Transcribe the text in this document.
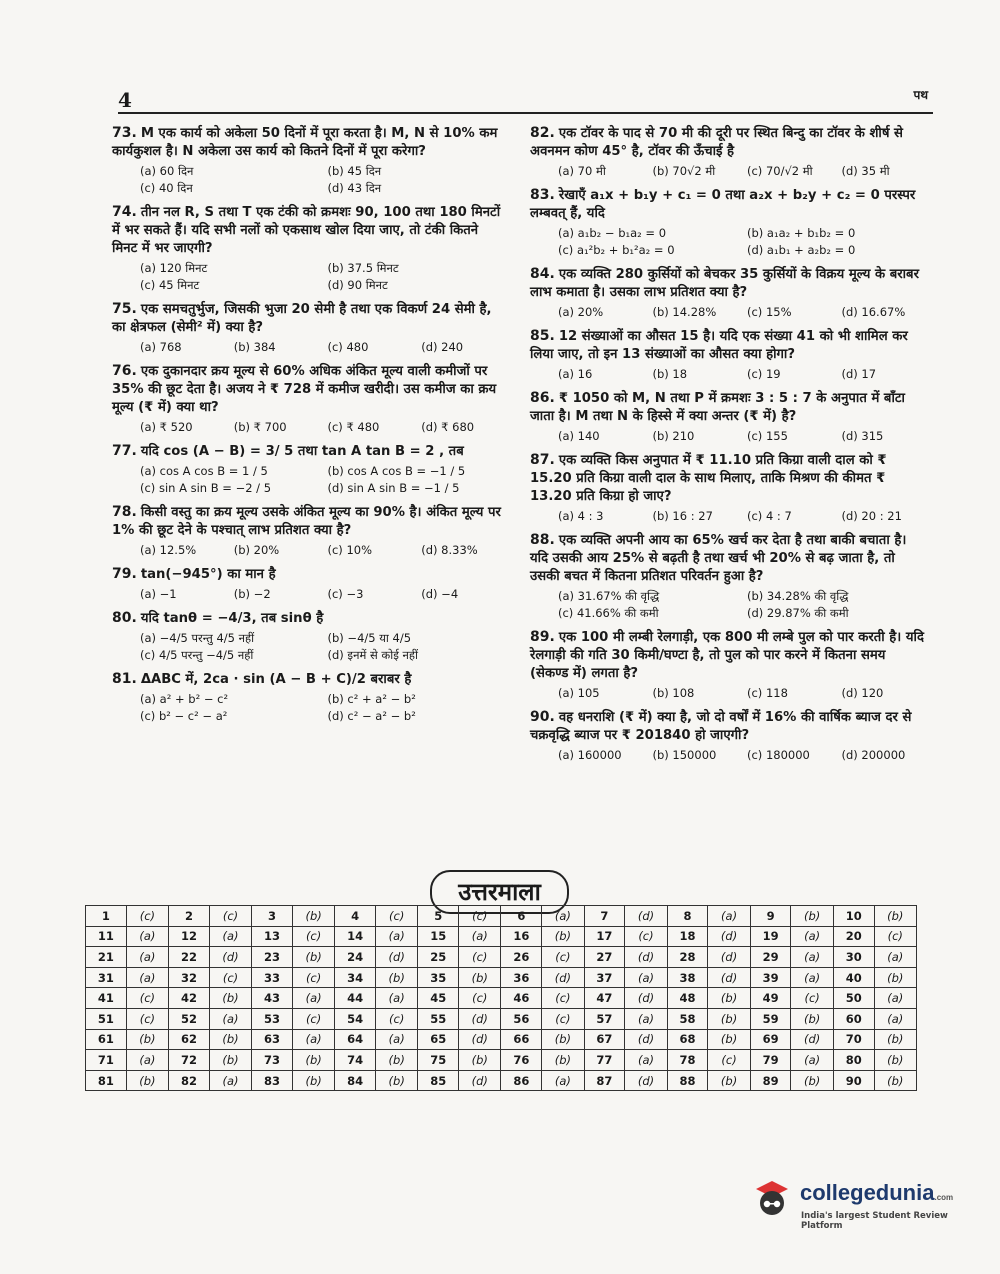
4	पथ
73. M एक कार्य को अकेला 50 दिनों में पूरा करता है। M, N से 10% कम कार्यकुशल है। N अकेला उस कार्य को कितने दिनों में पूरा करेगा?
(a) 60 दिन	(b) 45 दिन
(c) 40 दिन	(d) 43 दिन
74. तीन नल R, S तथा T एक टंकी को क्रमशः 90, 100 तथा 180 मिनटों में भर सकते हैं। यदि सभी नलों को एकसाथ खोल दिया जाए, तो टंकी कितने मिनट में भर जाएगी?
(a) 120 मिनट	(b) 37.5 मिनट
(c) 45 मिनट	(d) 90 मिनट
75. एक समचतुर्भुज, जिसकी भुजा 20 सेमी है तथा एक विकर्ण 24 सेमी है, का क्षेत्रफल (सेमी² में) क्या है?
(a) 768	(b) 384	(c) 480	(d) 240
76. एक दुकानदार क्रय मूल्य से 60% अधिक अंकित मूल्य वाली कमीजों पर 35% की छूट देता है। अजय ने ₹ 728 में कमीज खरीदी। उस कमीज का क्रय मूल्य (₹ में) क्या था?
(a) ₹ 520	(b) ₹ 700	(c) ₹ 480	(d) ₹ 680
77. यदि cos (A − B) = 3/ 5 तथा tan A tan B = 2 , तब
(a) cos A cos B = 1 / 5	(b) cos A cos B = −1 / 5
(c) sin A sin B = −2 / 5	(d) sin A sin B = −1 / 5
78. किसी वस्तु का क्रय मूल्य उसके अंकित मूल्य का 90% है। अंकित मूल्य पर 1% की छूट देने के पश्चात् लाभ प्रतिशत क्या है?
(a) 12.5%	(b) 20%	(c) 10%	(d) 8.33%
79. tan(−945°) का मान है
(a) −1	(b) −2	(c) −3	(d) −4
80. यदि tanθ = −4/3, तब sinθ है
(a) −4/5 परन्तु 4/5 नहीं	(b) −4/5 या 4/5
(c) 4/5 परन्तु −4/5 नहीं	(d) इनमें से कोई नहीं
81. ΔABC में, 2ca · sin (A − B + C)/2 बराबर है
(a) a² + b² − c²	(b) c² + a² − b²
(c) b² − c² − a²	(d) c² − a² − b²
82. एक टॉवर के पाद से 70 मी की दूरी पर स्थित बिन्दु का टॉवर के शीर्ष से अवनमन कोण 45° है, टॉवर की ऊँचाई है
(a) 70 मी	(b) 70√2 मी	(c) 70/√2 मी	(d) 35 मी
83. रेखाएँ a₁x + b₁y + c₁ = 0 तथा a₂x + b₂y + c₂ = 0 परस्पर लम्बवत् हैं, यदि
(a) a₁b₂ − b₁a₂ = 0	(b) a₁a₂ + b₁b₂ = 0
(c) a₁²b₂ + b₁²a₂ = 0	(d) a₁b₁ + a₂b₂ = 0
84. एक व्यक्ति 280 कुर्सियों को बेचकर 35 कुर्सियों के विक्रय मूल्य के बराबर लाभ कमाता है। उसका लाभ प्रतिशत क्या है?
(a) 20%	(b) 14.28%	(c) 15%	(d) 16.67%
85. 12 संख्याओं का औसत 15 है। यदि एक संख्या 41 को भी शामिल कर लिया जाए, तो इन 13 संख्याओं का औसत क्या होगा?
(a) 16	(b) 18	(c) 19	(d) 17
86. ₹ 1050 को M, N तथा P में क्रमशः 3 : 5 : 7 के अनुपात में बाँटा जाता है। M तथा N के हिस्से में क्या अन्तर (₹ में) है?
(a) 140	(b) 210	(c) 155	(d) 315
87. एक व्यक्ति किस अनुपात में ₹ 11.10 प्रति किग्रा वाली दाल को ₹ 15.20 प्रति किग्रा वाली दाल के साथ मिलाए, ताकि मिश्रण की कीमत ₹ 13.20 प्रति किग्रा हो जाए?
(a) 4 : 3	(b) 16 : 27	(c) 4 : 7	(d) 20 : 21
88. एक व्यक्ति अपनी आय का 65% खर्च कर देता है तथा बाकी बचाता है। यदि उसकी आय 25% से बढ़ती है तथा खर्च भी 20% से बढ़ जाता है, तो उसकी बचत में कितना प्रतिशत परिवर्तन हुआ है?
(a) 31.67% की वृद्धि	(b) 34.28% की वृद्धि
(c) 41.66% की कमी	(d) 29.87% की कमी
89. एक 100 मी लम्बी रेलगाड़ी, एक 800 मी लम्बे पुल को पार करती है। यदि रेलगाड़ी की गति 30 किमी/घण्टा है, तो पुल को पार करने में कितना समय (सेकण्ड में) लगता है?
(a) 105	(b) 108	(c) 118	(d) 120
90. वह धनराशि (₹ में) क्या है, जो दो वर्षों में 16% की वार्षिक ब्याज दर से चक्रवृद्धि ब्याज पर ₹ 201840 हो जाएगी?
(a) 160000	(b) 150000	(c) 180000	(d) 200000
उत्तरमाला
1	(c)	2	(c)	3	(b)	4	(c)	5	(c)	6	(a)	7	(d)	8	(a)	9	(b)	10	(b)
11	(a)	12	(a)	13	(c)	14	(a)	15	(a)	16	(b)	17	(c)	18	(d)	19	(a)	20	(c)
21	(a)	22	(d)	23	(b)	24	(d)	25	(c)	26	(c)	27	(d)	28	(d)	29	(a)	30	(a)
31	(a)	32	(c)	33	(c)	34	(b)	35	(b)	36	(d)	37	(a)	38	(d)	39	(a)	40	(b)
41	(c)	42	(b)	43	(a)	44	(a)	45	(c)	46	(c)	47	(d)	48	(b)	49	(c)	50	(a)
51	(c)	52	(a)	53	(c)	54	(c)	55	(d)	56	(c)	57	(a)	58	(b)	59	(b)	60	(a)
61	(b)	62	(b)	63	(a)	64	(a)	65	(d)	66	(b)	67	(d)	68	(b)	69	(d)	70	(b)
71	(a)	72	(b)	73	(b)	74	(b)	75	(b)	76	(b)	77	(a)	78	(c)	79	(a)	80	(b)
81	(b)	82	(a)	83	(b)	84	(b)	85	(d)	86	(a)	87	(d)	88	(b)	89	(b)	90	(b)
collegedunia.com
India's largest Student Review Platform
